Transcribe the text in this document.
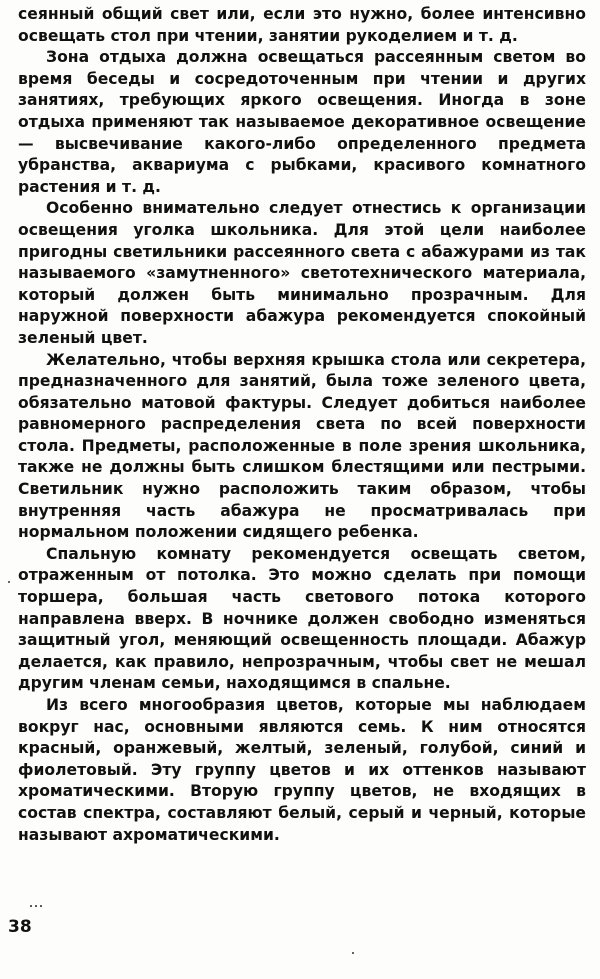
сеянный общий свет или, если это нужно, более интенсивно освещать стол при чтении, занятии рукоделием и т. д.

Зона отдыха должна освещаться рассеянным светом во время беседы и сосредоточенным при чтении и других занятиях, требующих яркого освещения. Иногда в зоне отдыха применяют так называемое декоративное освещение — высвечивание какого-либо определенного предмета убранства, аквариума с рыбками, красивого комнатного растения и т. д.

Особенно внимательно следует отнестись к организации освещения уголка школьника. Для этой цели наиболее пригодны светильники рассеянного света с абажурами из так называемого «замутненного» светотехнического материала, который должен быть минимально прозрачным. Для наружной поверхности абажура рекомендуется спокойный зеленый цвет.

Желательно, чтобы верхняя крышка стола или секретера, предназначенного для занятий, была тоже зеленого цвета, обязательно матовой фактуры. Следует добиться наиболее равномерного распределения света по всей поверхности стола. Предметы, расположенные в поле зрения школьника, также не должны быть слишком блестящими или пестрыми. Светильник нужно расположить таким образом, чтобы внутренняя часть абажура не просматривалась при нормальном положении сидящего ребенка.

Спальную комнату рекомендуется освещать светом, отраженным от потолка. Это можно сделать при помощи торшера, большая часть светового потока которого направлена вверх. В ночнике должен свободно изменяться защитный угол, меняющий освещенность площади. Абажур делается, как правило, непрозрачным, чтобы свет не мешал другим членам семьи, находящимся в спальне.

Из всего многообразия цветов, которые мы наблюдаем вокруг нас, основными являются семь. К ним относятся красный, оранжевый, желтый, зеленый, голубой, синий и фиолетовый. Эту группу цветов и их оттенков называют хроматическими. Вторую группу цветов, не входящих в состав спектра, составляют белый, серый и черный, которые называют ахроматическими.

38
